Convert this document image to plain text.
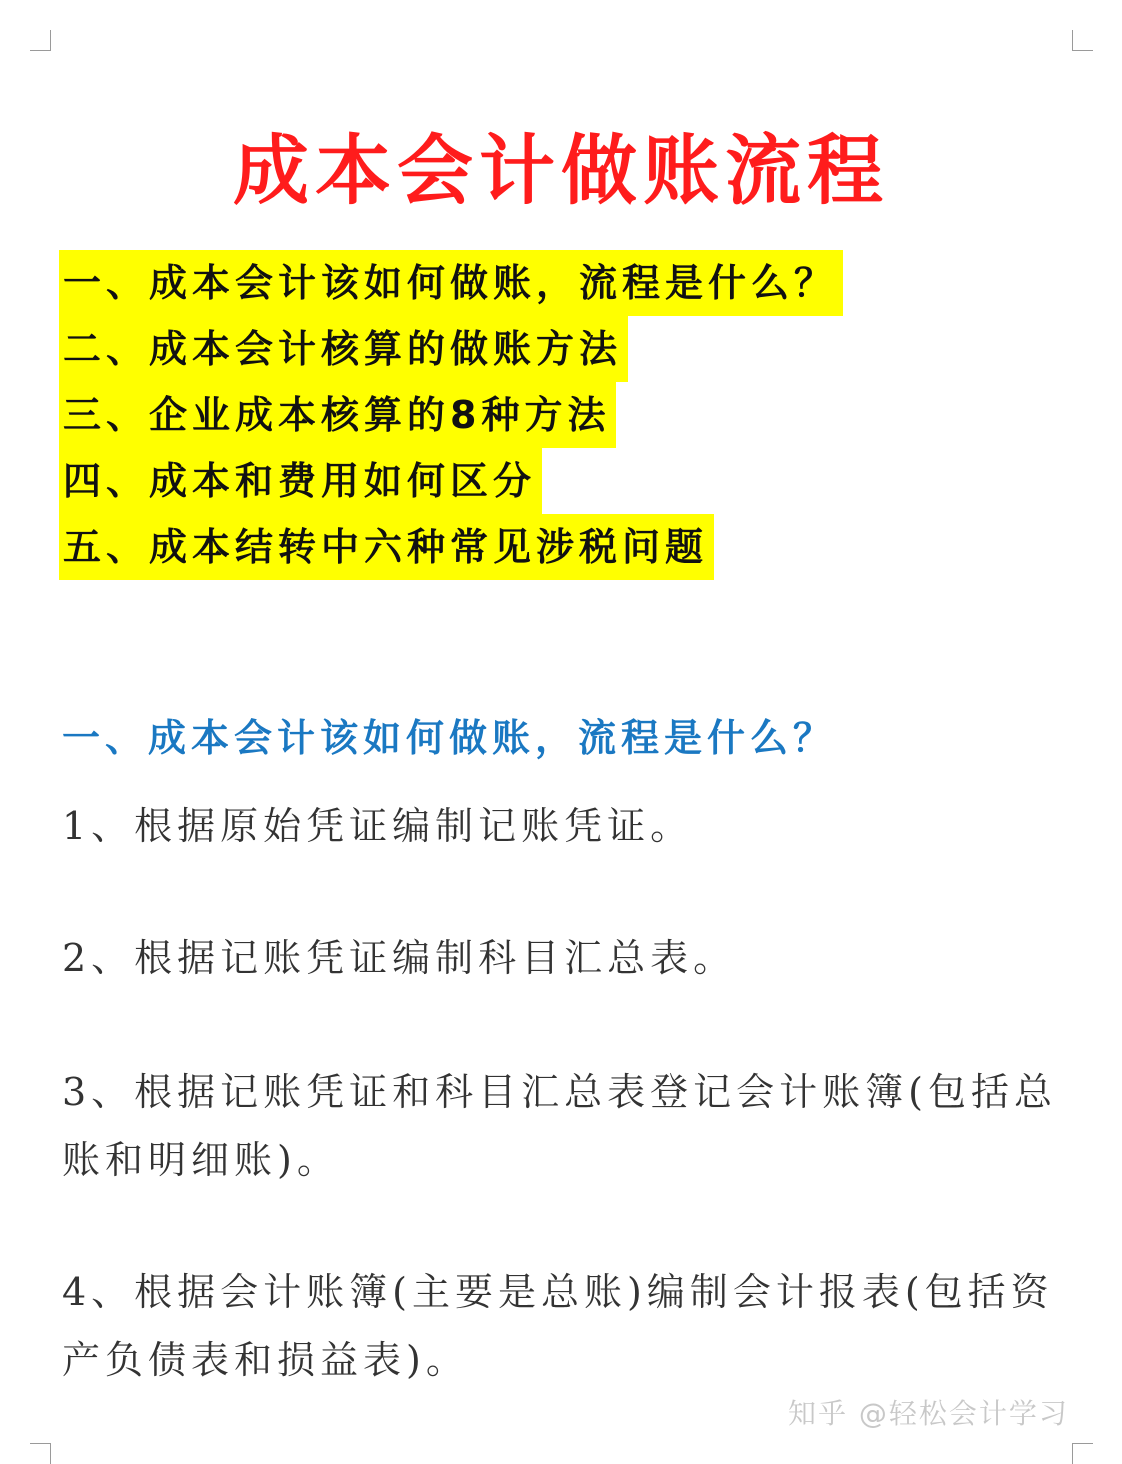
成本会计做账流程
一、成本会计该如何做账，流程是什么？
二、成本会计核算的做账方法
三、企业成本核算的8种方法
四、成本和费用如何区分
五、成本结转中六种常见涉税问题
一、成本会计该如何做账，流程是什么？
1、根据原始凭证编制记账凭证。
2、根据记账凭证编制科目汇总表。
3、根据记账凭证和科目汇总表登记会计账簿(包括总账和明细账)。
4、根据会计账簿(主要是总账)编制会计报表(包括资产负债表和损益表)。
知乎 @轻松会计学习
